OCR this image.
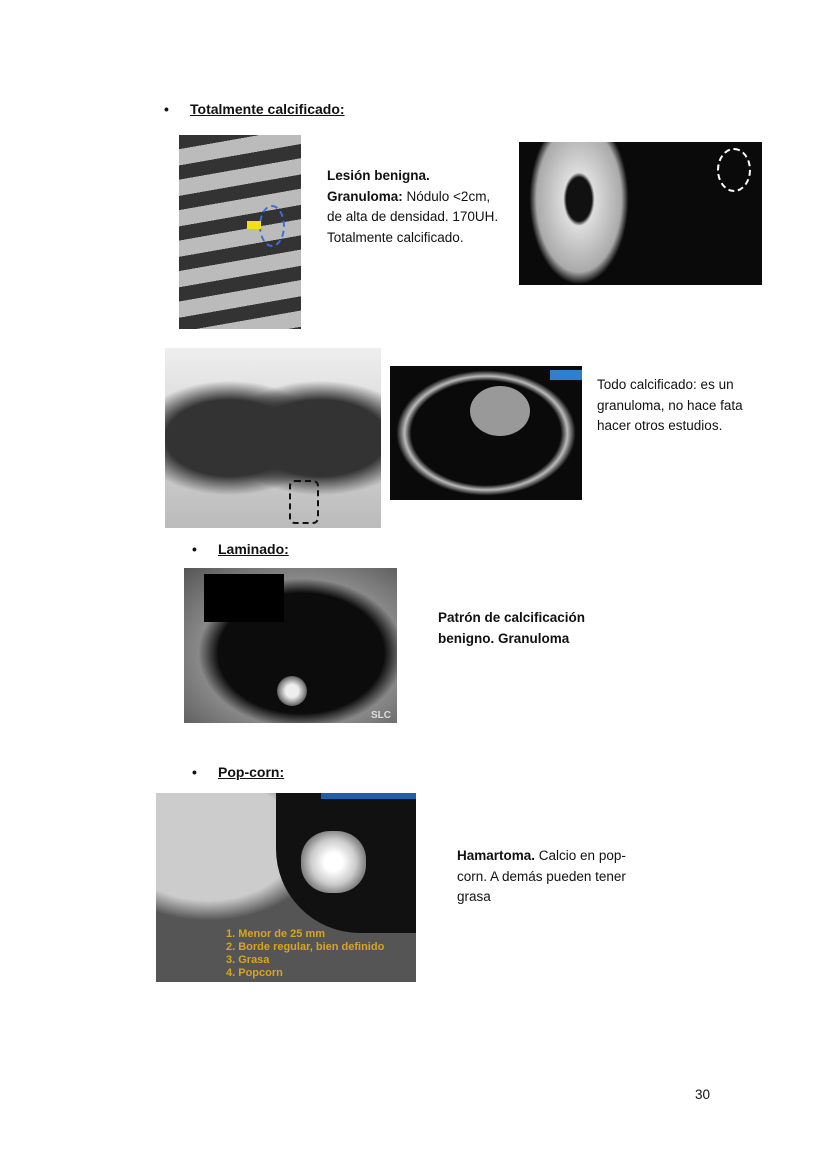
• Totalmente calcificado:
Lesión benigna.
Granuloma: Nódulo <2cm, de alta de densidad. 170UH. Totalmente calcificado.
Todo calcificado: es un granuloma, no hace fata hacer otros estudios.
• Laminado:
SLC
Patrón de calcificación benigno. Granuloma
• Pop-corn:
1. Menor de 25 mm
2. Borde regular, bien definido
3. Grasa
4. Popcorn
Hamartoma. Calcio en pop-corn. A demás pueden tener grasa
30
